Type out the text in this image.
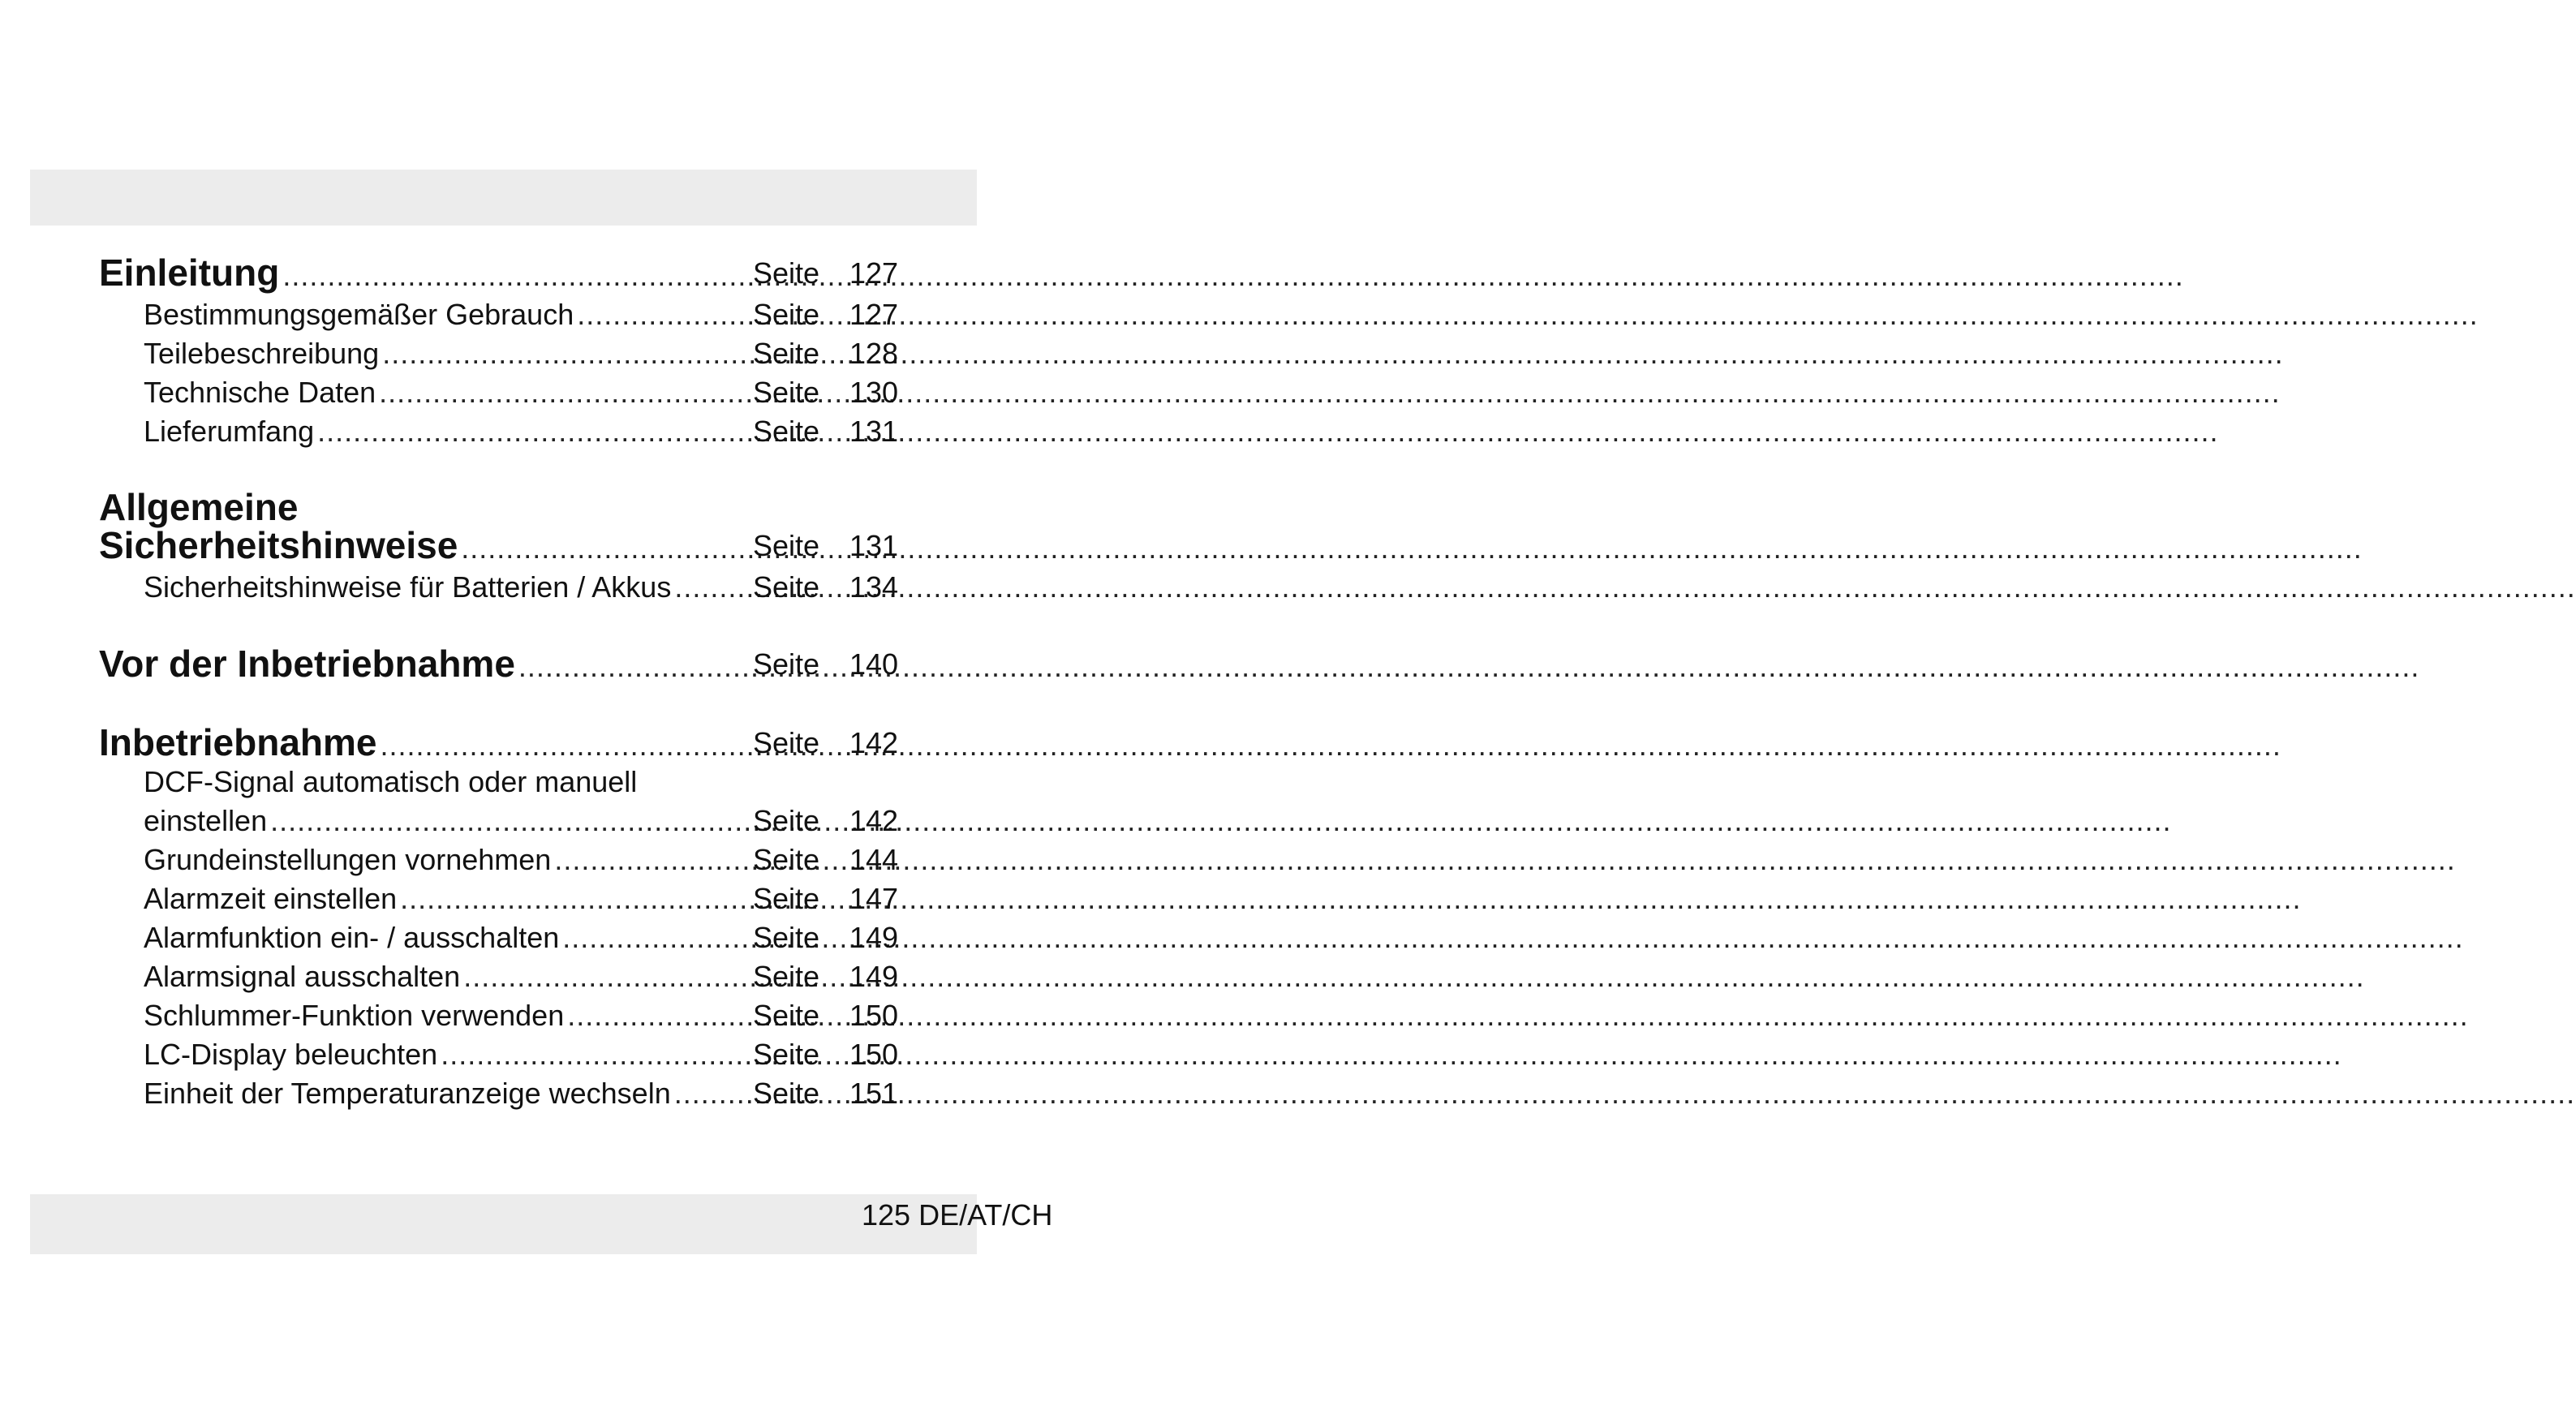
Einleitung .....	Seite 127
Bestimmungsgemäßer Gebrauch .....	Seite 127
Teilebeschreibung .....	Seite 128
Technische Daten .....	Seite 130
Lieferumfang .....	Seite 131
Allgemeine
Sicherheitshinweise .....	Seite 131
Sicherheitshinweise für Batterien / Akkus .....	Seite 134
Vor der Inbetriebnahme .....	Seite 140
Inbetriebnahme .....	Seite 142
DCF-Signal automatisch oder manuell
einstellen .....	Seite 142
Grundeinstellungen vornehmen .....	Seite 144
Alarmzeit einstellen .....	Seite 147
Alarmfunktion ein- / ausschalten .....	Seite 149
Alarmsignal ausschalten .....	Seite 149
Schlummer-Funktion verwenden .....	Seite 150
LC-Display beleuchten .....	Seite 150
Einheit der Temperaturanzeige wechseln .....	Seite 151
125 DE/AT/CH
